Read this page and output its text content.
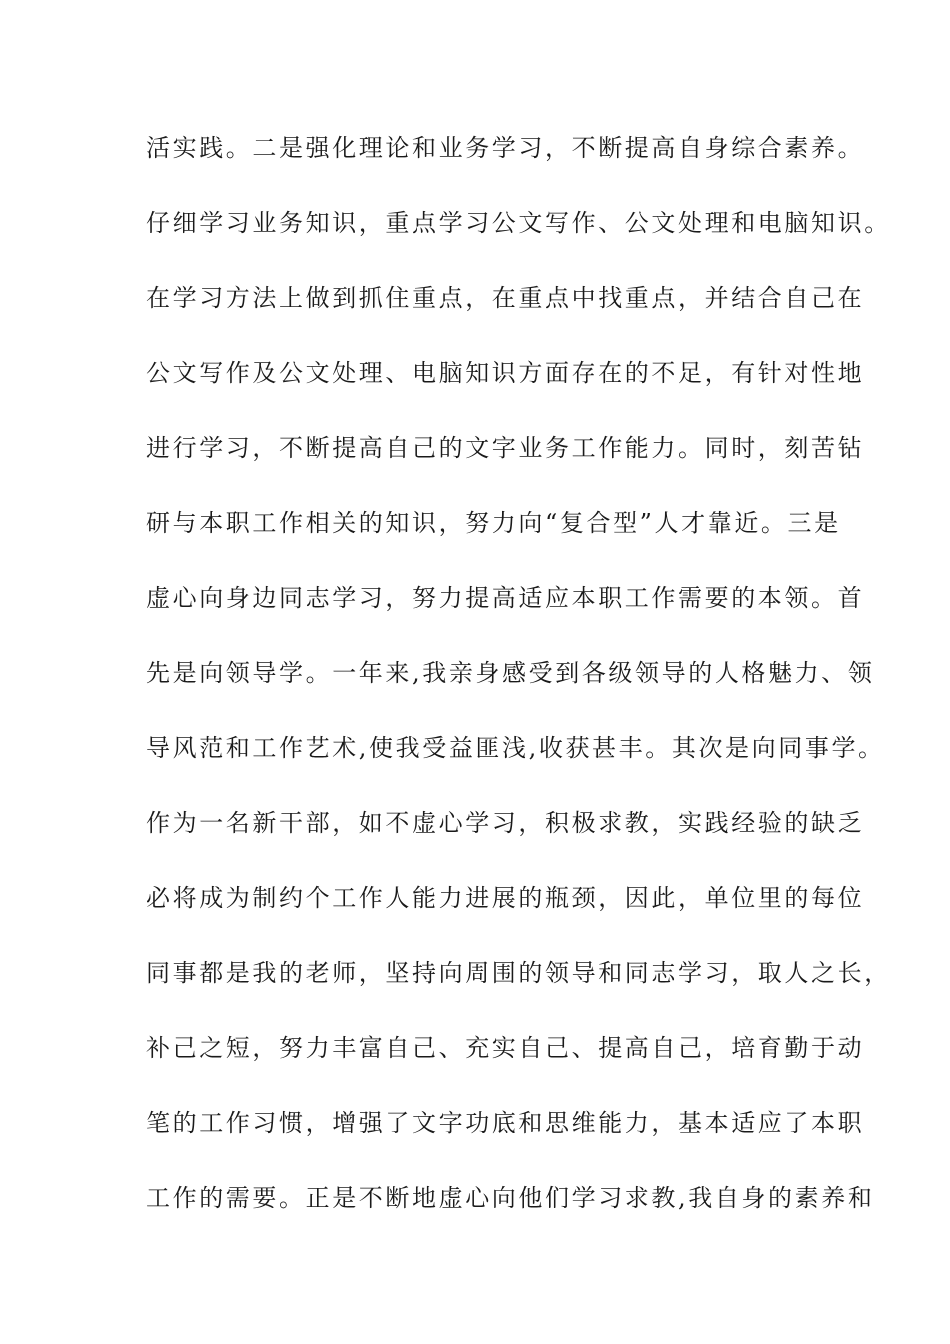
活实践。二是强化理论和业务学习，不断提高自身综合素养。
仔细学习业务知识，重点学习公文写作、公文处理和电脑知识。
在学习方法上做到抓住重点，在重点中找重点，并结合自己在
公文写作及公文处理、电脑知识方面存在的不足，有针对性地
进行学习，不断提高自己的文字业务工作能力。同时，刻苦钻
研与本职工作相关的知识，努力向“复合型”人才靠近。三是
虚心向身边同志学习，努力提高适应本职工作需要的本领。首
先是向领导学。一年来,我亲身感受到各级领导的人格魅力、领
导风范和工作艺术,使我受益匪浅,收获甚丰。其次是向同事学。
作为一名新干部，如不虚心学习，积极求教，实践经验的缺乏
必将成为制约个工作人能力进展的瓶颈，因此，单位里的每位
同事都是我的老师，坚持向周围的领导和同志学习，取人之长，
补己之短，努力丰富自己、充实自己、提高自己，培育勤于动
笔的工作习惯，增强了文字功底和思维能力，基本适应了本职
工作的需要。正是不断地虚心向他们学习求教,我自身的素养和
